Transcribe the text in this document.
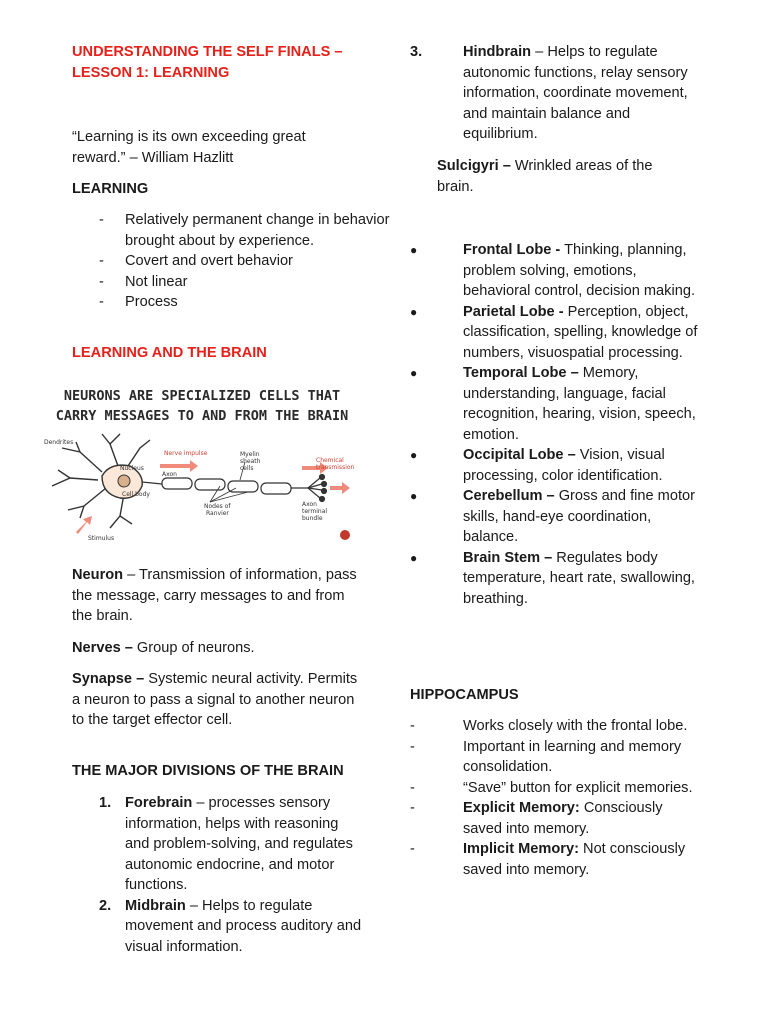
UNDERSTANDING THE SELF FINALS –

LESSON 1: LEARNING

“Learning is its own exceeding great reward.” – William Hazlitt

LEARNING

- Relatively permanent change in behavior brought about by experience.
- Covert and overt behavior
- Not linear
- Process

LEARNING AND THE BRAIN

Neuron – Transmission of information, pass the message, carry messages to and from the brain.

Nerves – Group of neurons.

Synapse – Systemic neural activity. Permits a neuron to pass a signal to another neuron to the target effector cell.

THE MAJOR DIVISIONS OF THE BRAIN

1. Forebrain – processes sensory information, helps with reasoning and problem-solving, and regulates autonomic endocrine, and motor functions.
2. Midbrain – Helps to regulate movement and process auditory and visual information.
NEURONS ARE SPECIALIZED CELLS THAT
CARRY MESSAGES TO AND FROM THE BRAIN
Dendrites
Nerve impulse	Myelin
sheath
cells
Chemical
transmission
Nucleus
Axon
Cell body
Nodes of
Ranvier
Axon
terminal
bundle
Stimulus
3.	Hindbrain – Helps to regulate autonomic functions, relay sensory information, coordinate movement, and maintain balance and equilibrium.

Sulcigyri – Wrinkled areas of the brain.

●	Frontal Lobe - Thinking, planning, problem solving, emotions, behavioral control, decision making.
●	Parietal Lobe - Perception, object, classification, spelling, knowledge of numbers, visuospatial processing.
●	Temporal Lobe – Memory, understanding, language, facial recognition, hearing, vision, speech, emotion.
●	Occipital Lobe – Vision, visual processing, color identification.
●	Cerebellum – Gross and fine motor skills, hand-eye coordination, balance.
●	Brain Stem – Regulates body temperature, heart rate, swallowing, breathing.

HIPPOCAMPUS

-	Works closely with the frontal lobe.
-	Important in learning and memory consolidation.
-	“Save” button for explicit memories.
-	Explicit Memory: Consciously saved into memory.
-	Implicit Memory: Not consciously saved into memory.
